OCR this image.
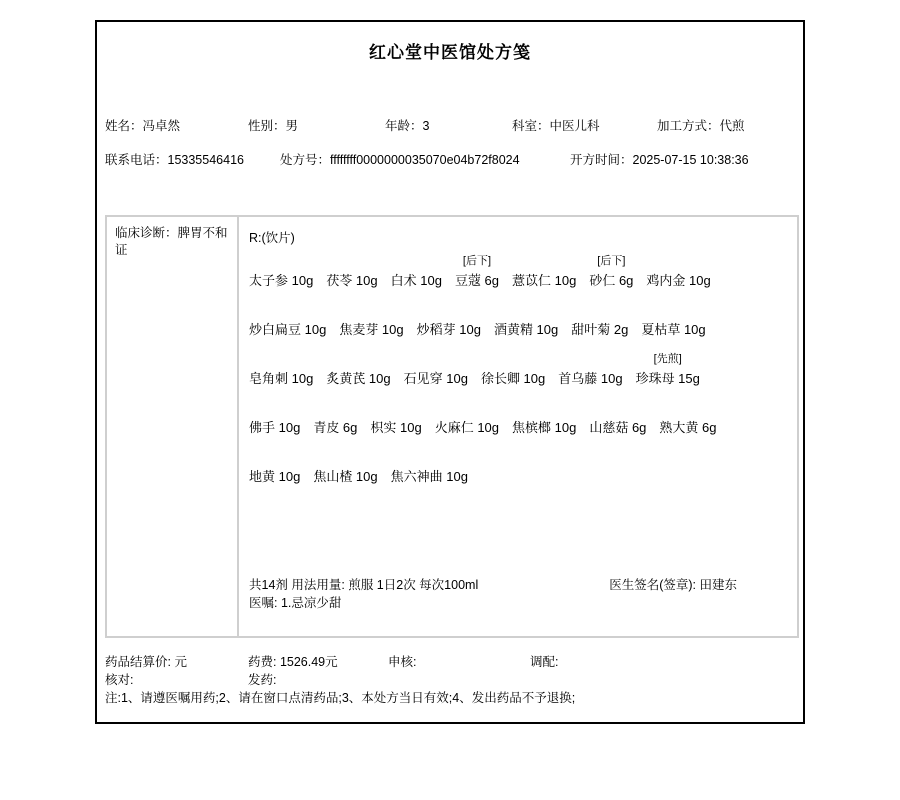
红心堂中医馆处方笺
姓名：冯卓然	性别：男	年龄：3	科室：中医儿科	加工方式：代煎
联系电话：15335546416	处方号：ffffffff0000000035070e04b72f8024	开方时间：2025-07-15 10:38:36
临床诊断：脾胃不和证
R:(饮片)
太子参 10g 茯苓 10g 白术 10g
[后下]
豆蔻 6g 薏苡仁 10g
[后下]
砂仁 6g 鸡内金 10g
炒白扁豆 10g 焦麦芽 10g 炒稻芽 10g 酒黄精 10g 甜叶菊 2g 夏枯草 10g
皂角刺 10g 炙黄芪 10g 石见穿 10g 徐长卿 10g 首乌藤 10g
[先煎]
珍珠母 15g
佛手 10g 青皮 6g 枳实 10g 火麻仁 10g 焦槟榔 10g 山慈菇 6g 熟大黄 6g
地黄 10g 焦山楂 10g 焦六神曲 10g
共14剂 用法用量: 煎服 1日2次 每次100ml	医生签名(签章): 田建东
医嘱: 1.忌凉少甜
药品结算价: 元	药费: 1526.49元	申核:	调配:
核对:	发药:
注:1、请遵医嘱用药;2、请在窗口点清药品;3、本处方当日有效;4、发出药品不予退换;
